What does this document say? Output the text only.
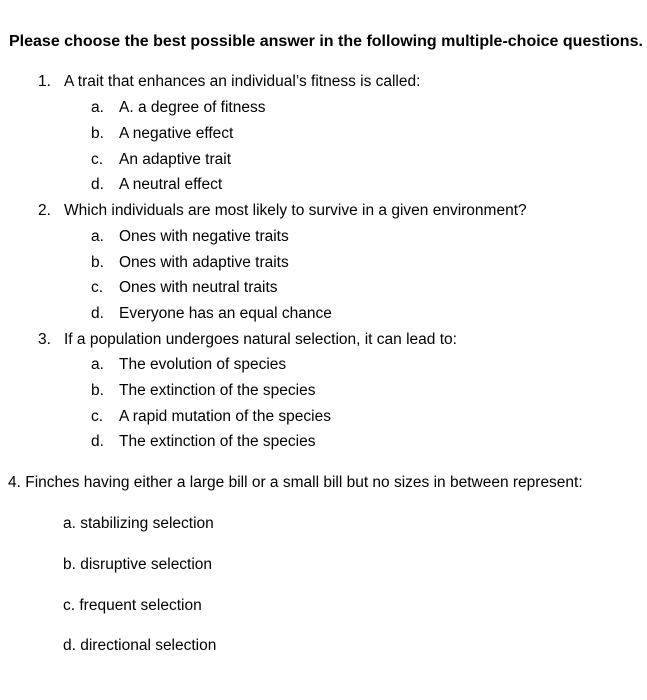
Please choose the best possible answer in the following multiple-choice questions.
1. A trait that enhances an individual’s fitness is called:
a. A. a degree of fitness
b. A negative effect
c. An adaptive trait
d. A neutral effect
2. Which individuals are most likely to survive in a given environment?
a. Ones with negative traits
b. Ones with adaptive traits
c. Ones with neutral traits
d. Everyone has an equal chance
3. If a population undergoes natural selection, it can lead to:
a. The evolution of species
b. The extinction of the species
c. A rapid mutation of the species
d. The extinction of the species
4. Finches having either a large bill or a small bill but no sizes in between represent:
a. stabilizing selection
b. disruptive selection
c. frequent selection
d. directional selection
